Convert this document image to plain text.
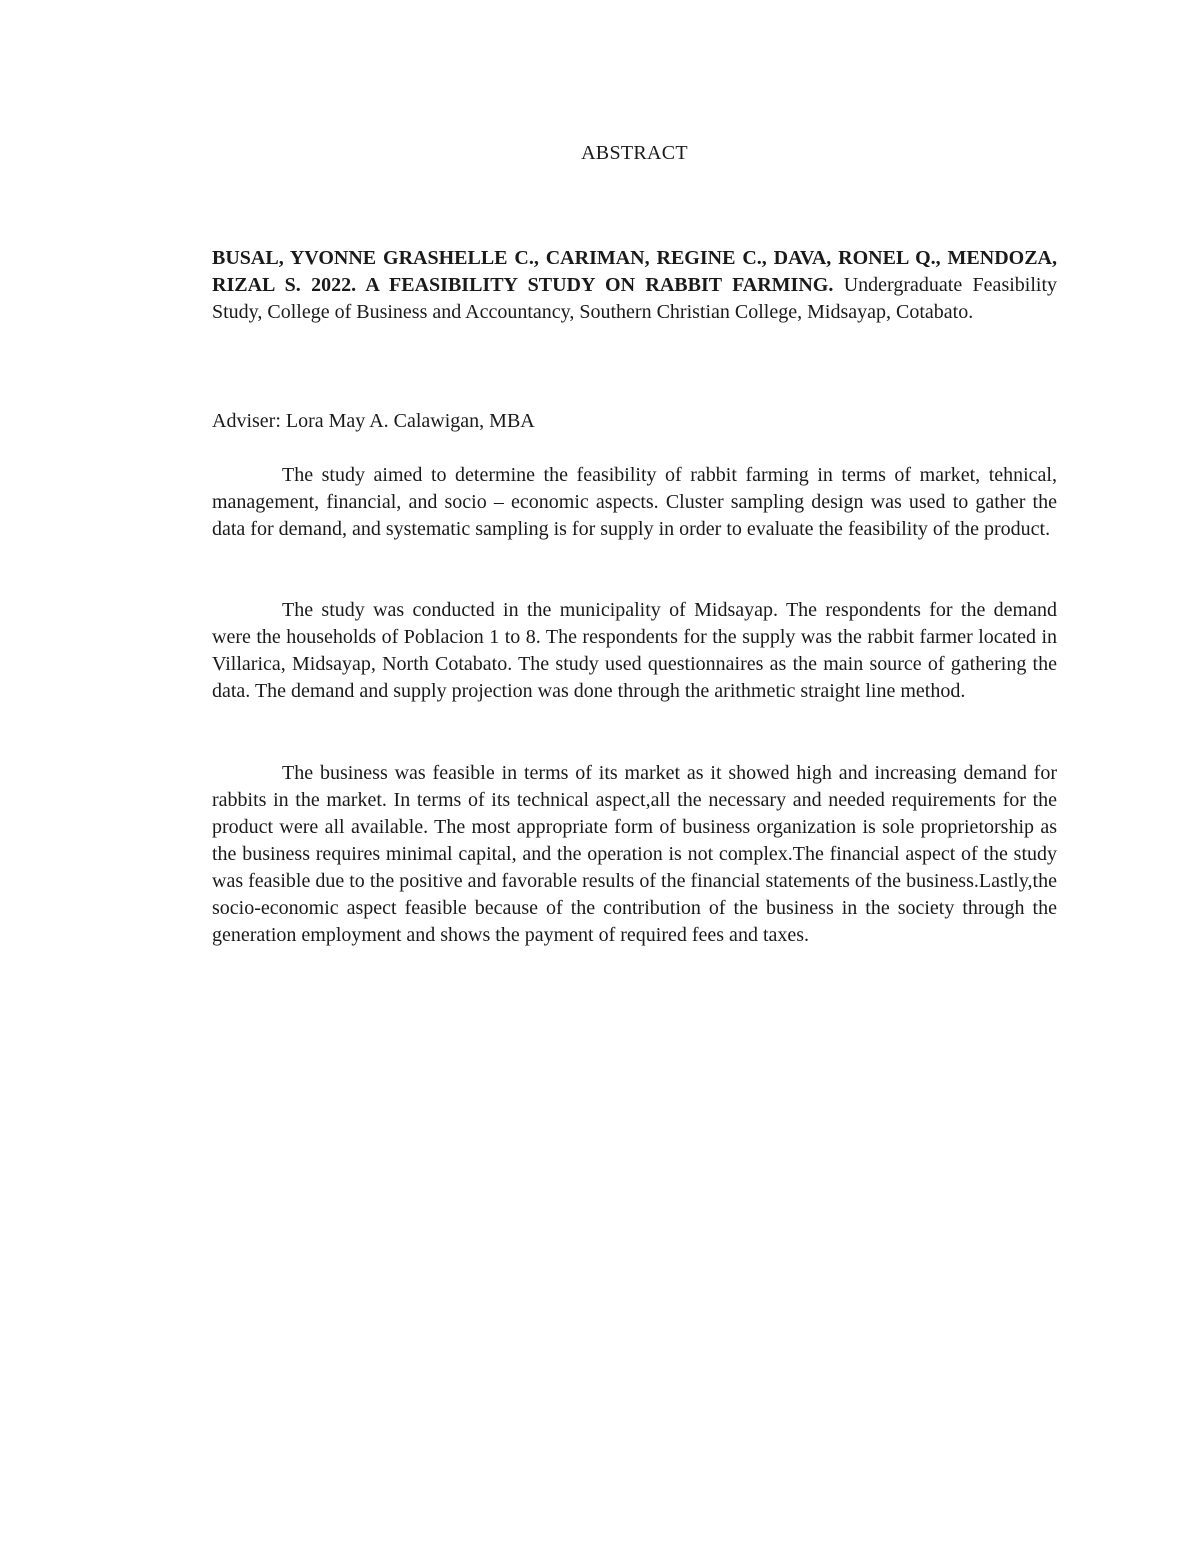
ABSTRACT
BUSAL, YVONNE GRASHELLE C., CARIMAN, REGINE C., DAVA, RONEL Q., MENDOZA, RIZAL S. 2022. A FEASIBILITY STUDY ON RABBIT FARMING. Undergraduate Feasibility Study, College of Business and Accountancy, Southern Christian College, Midsayap, Cotabato.
Adviser: Lora May A. Calawigan, MBA

The study aimed to determine the feasibility of rabbit farming in terms of market, tehnical, management, financial, and socio – economic aspects. Cluster sampling design was used to gather the data for demand, and systematic sampling is for supply in order to evaluate the feasibility of the product.

The study was conducted in the municipality of Midsayap. The respondents for the demand were the households of Poblacion 1 to 8. The respondents for the supply was the rabbit farmer located in Villarica, Midsayap, North Cotabato. The study used questionnaires as the main source of gathering the data. The demand and supply projection was done through the arithmetic straight line method.

The business was feasible in terms of its market as it showed high and increasing demand for rabbits in the market. In terms of its technical aspect,all the necessary and needed requirements for the product were all available. The most appropriate form of business organization is sole proprietorship as the business requires minimal capital, and the operation is not complex.The financial aspect of the study was feasible due to the positive and favorable results of the financial statements of the business.Lastly,the socio-economic aspect feasible because of the contribution of the business in the society through the generation employment and shows the payment of required fees and taxes.
